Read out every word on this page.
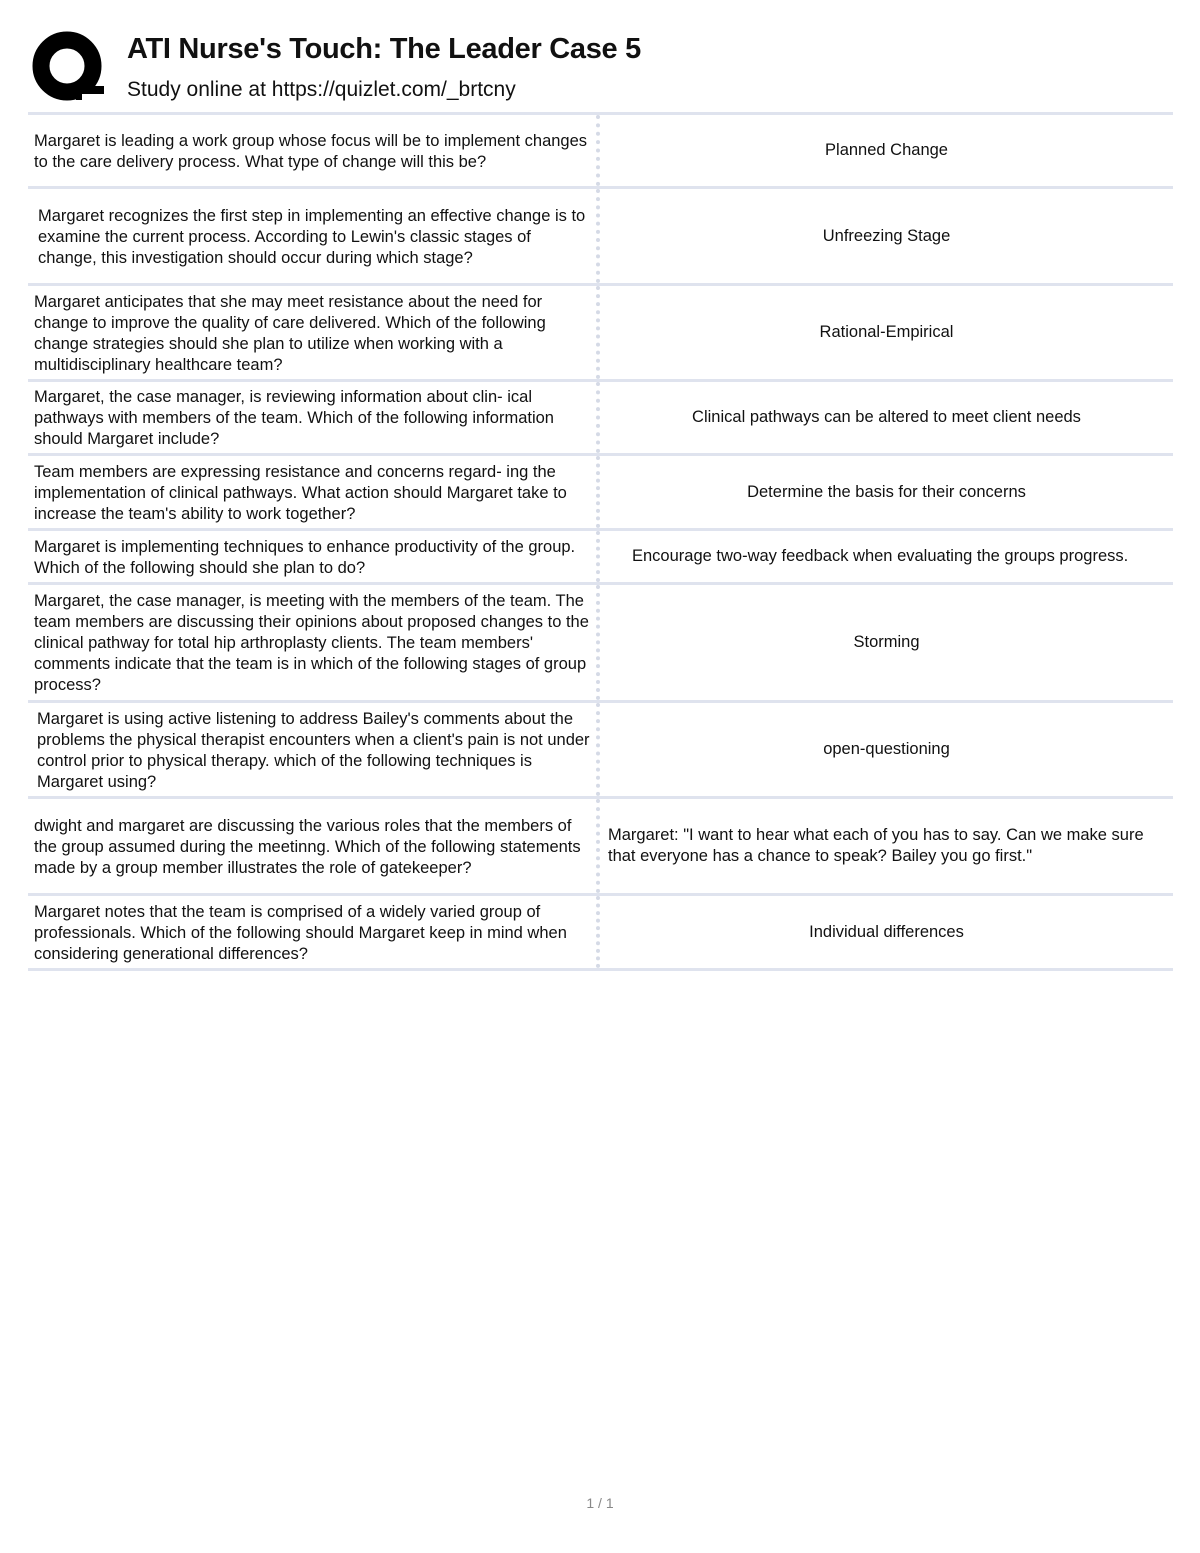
ATI Nurse's Touch: The Leader Case 5
Study online at https://quizlet.com/_brtcny
Margaret is leading a work group whose focus will be to implement changes to the care delivery process. What type of change will this be?
Planned Change
Margaret recognizes the first step in implementing an effective change is to examine the current process. According to Lewin's classic stages of change, this investigation should occur during which stage?
Unfreezing Stage
Margaret anticipates that she may meet resistance about the need for change to improve the quality of care delivered. Which of the following change strategies should she plan to utilize when working with a multidisciplinary healthcare team?
Rational-Empirical
Margaret, the case manager, is reviewing information about clin- ical pathways with members of the team. Which of the following information should Margaret include?
Clinical pathways can be altered to meet client needs
Team members are expressing resistance and concerns regard- ing the implementation of clinical pathways. What action should Margaret take to increase the team's ability to work together?
Determine the basis for their concerns
Margaret is implementing techniques to enhance productivity of the group. Which of the following should she plan to do?
Encourage two-way feedback when evaluating the groups progress.
Margaret, the case manager, is meeting with the members of the team. The team members are discussing their opinions about proposed changes to the clinical pathway for total hip arthroplasty clients. The team members' comments indicate that the team is in which of the following stages of group process?
Storming
Margaret is using active listening to address Bailey's comments about the problems the physical therapist encounters when a client's pain is not under control prior to physical therapy. which of the following techniques is Margaret using?
open-questioning
dwight and margaret are discussing the various roles that the members of the group assumed during the meetinng. Which of the following statements made by a group member illustrates the role of gatekeeper?
Margaret: "I want to hear what each of you has to say. Can we make sure that everyone has a chance to speak? Bailey you go first."
Margaret notes that the team is comprised of a widely varied group of professionals. Which of the following should Margaret keep in mind when considering generational differences?
Individual differences
1 / 1
